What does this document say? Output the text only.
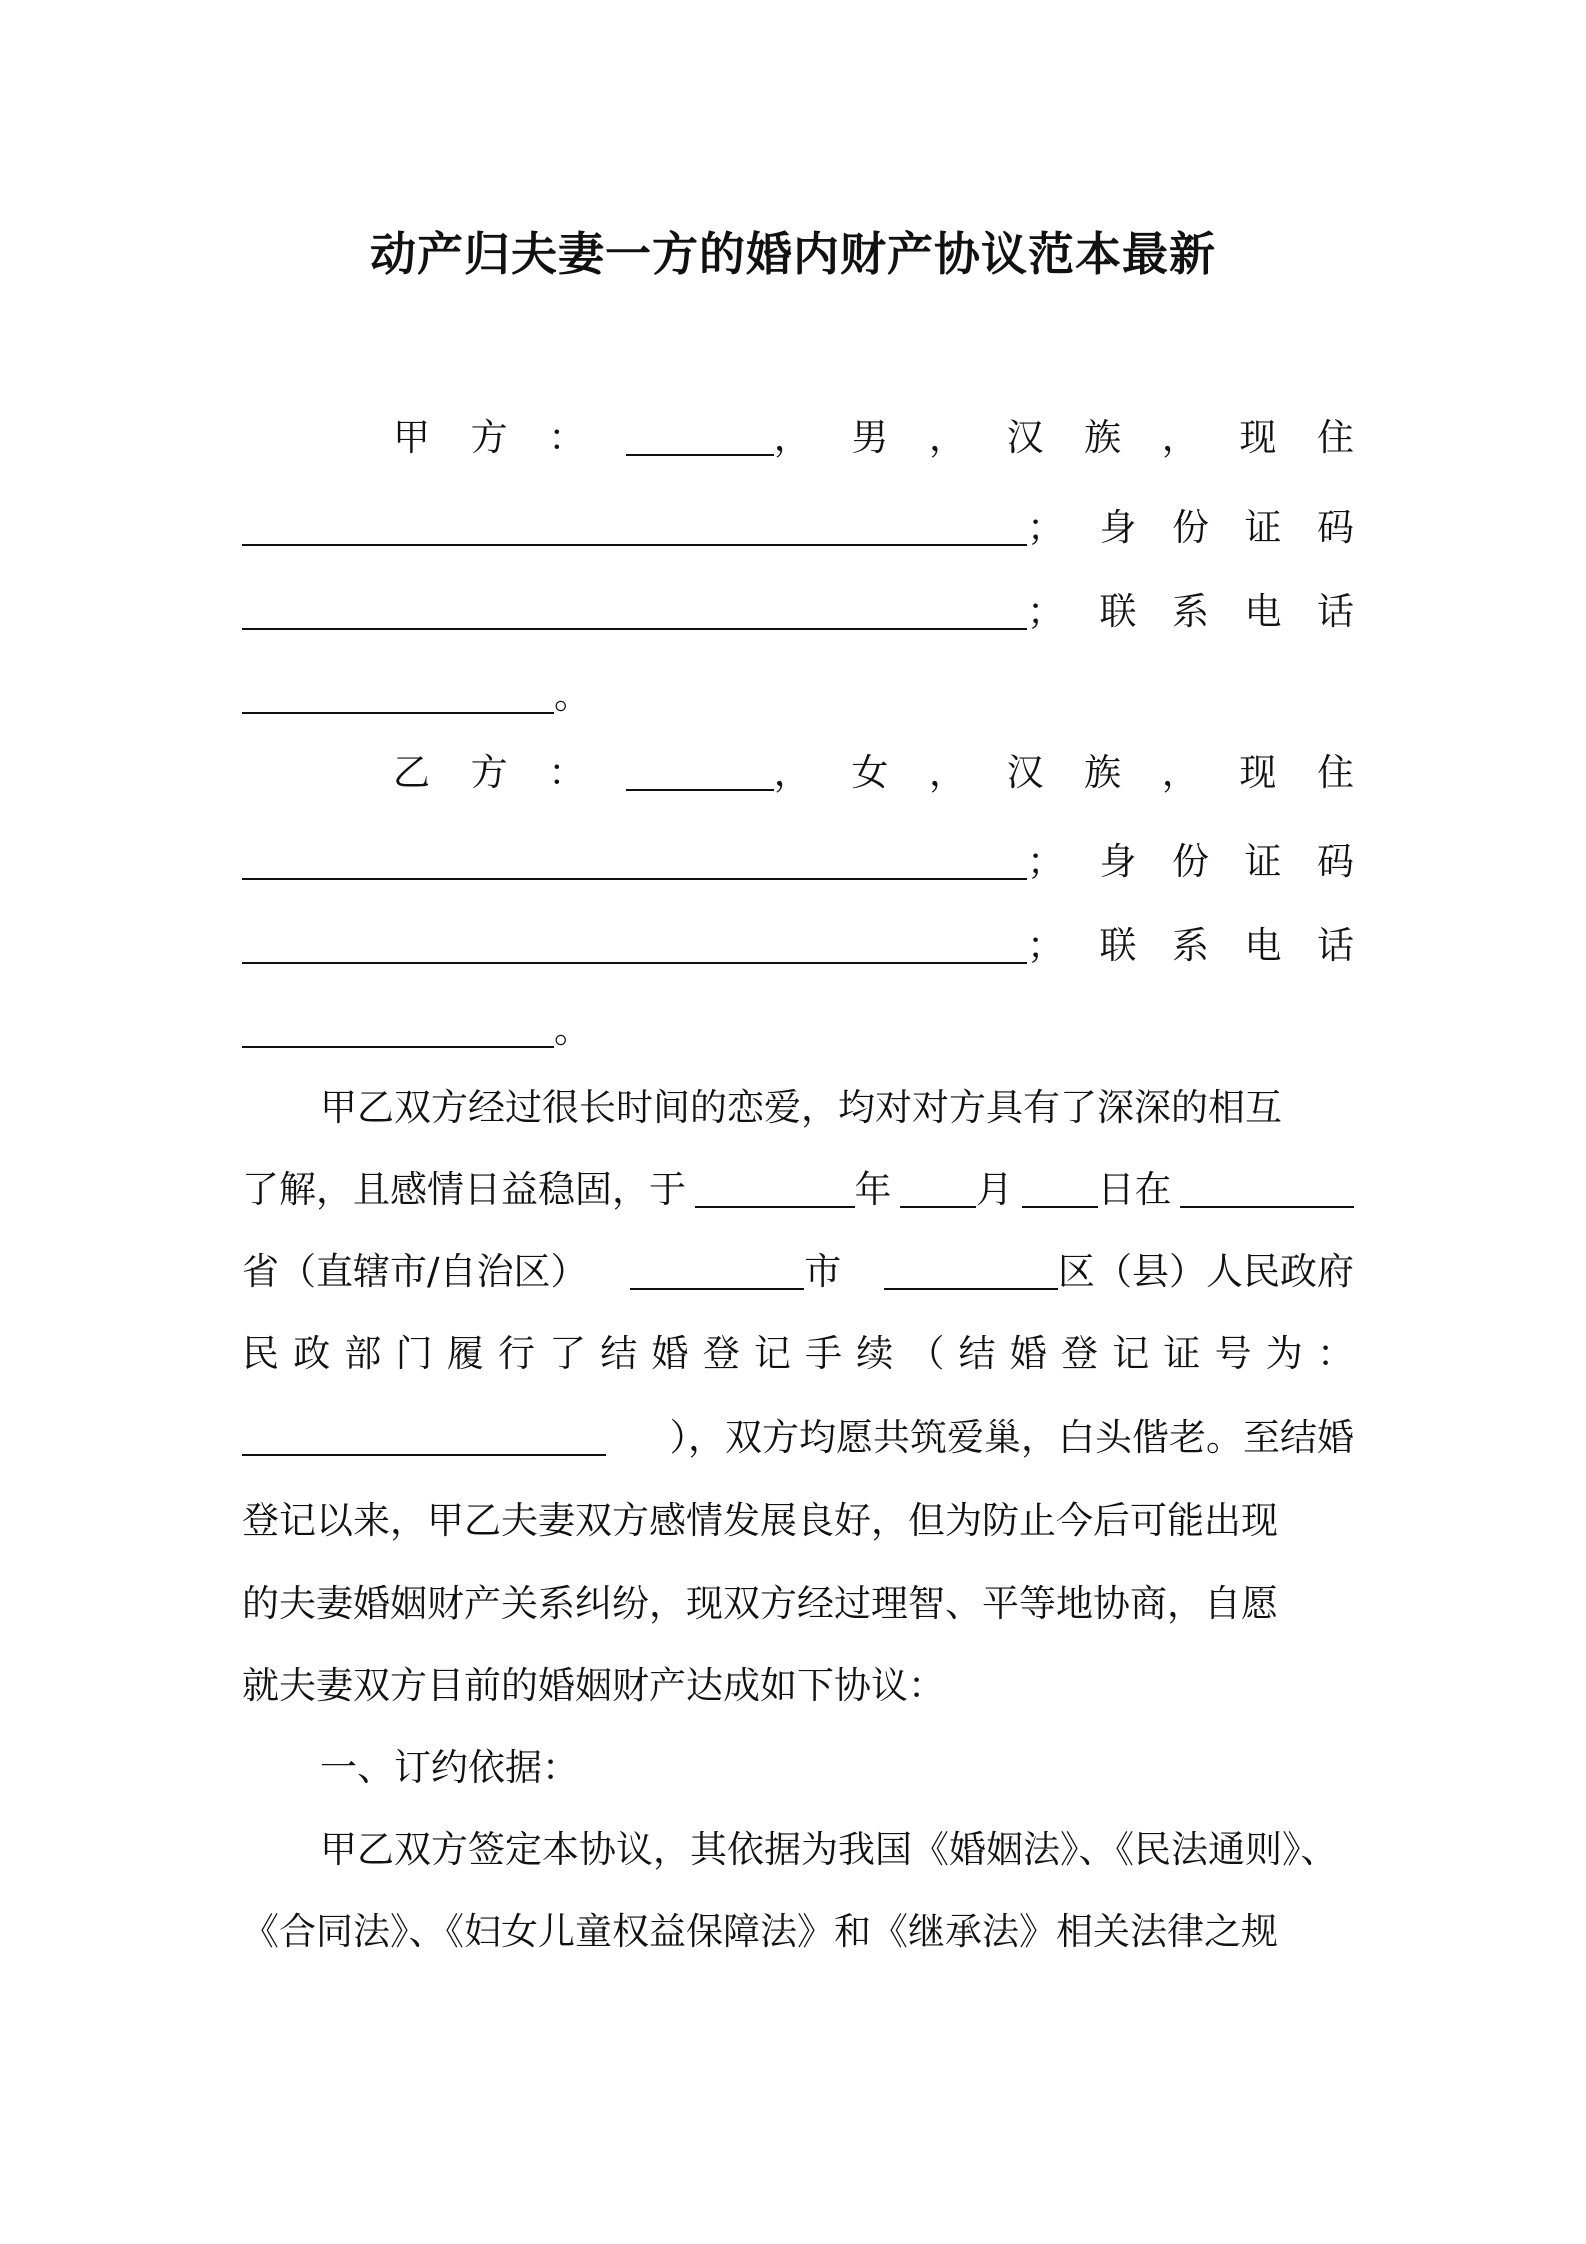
动产归夫妻一方的婚内财产协议范本最新
甲 方 ：	， 男 ， 汉 族 ， 现 住
； 身 份 证 码
； 联 系 电 话
。
乙 方 ：	， 女 ， 汉 族 ， 现 住
； 身 份 证 码
； 联 系 电 话
。
甲乙双方经过很长时间的恋爱，均对对方具有了深深的相互
了解，且感情日益稳固，于	年	月	日在
省（直辖市/自治区）	市	区（县）人民政府
民 政 部 门 履 行 了 结 婚 登 记 手 续 （ 结 婚 登 记 证 号 为 ：
），双方均愿共筑爱巢，白头偕老。至结婚
登记以来，甲乙夫妻双方感情发展良好，但为防止今后可能出现
的夫妻婚姻财产关系纠纷，现双方经过理智、平等地协商，自愿
就夫妻双方目前的婚姻财产达成如下协议：
一、订约依据：
甲乙双方签定本协议，其依据为我国《婚姻法》、《民法通则》、
《合同法》、《妇女儿童权益保障法》和《继承法》相关法律之规
